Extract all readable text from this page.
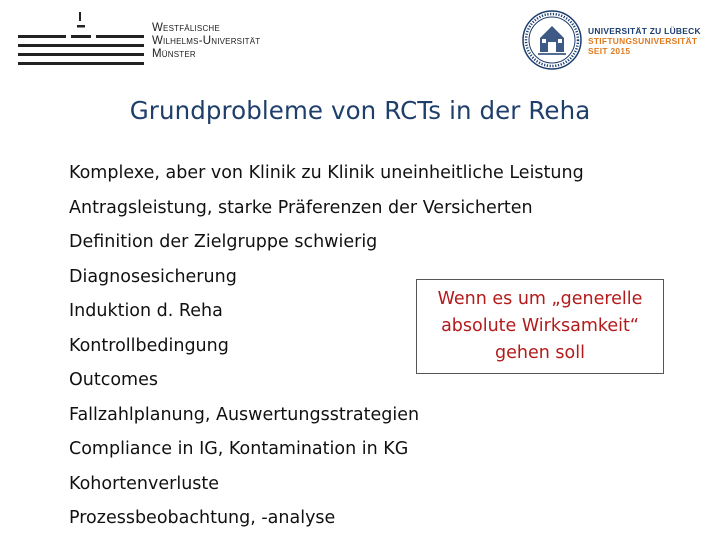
Westfälische
Wilhelms-Universität
Münster
UNIVERSITÄT ZU LÜBECK
STIFTUNGSUNIVERSITÄT
SEIT 2015
Grundprobleme von RCTs in der Reha
Komplexe, aber von Klinik zu Klinik uneinheitliche Leistung
Antragsleistung, starke Präferenzen der Versicherten
Definition der Zielgruppe schwierig
Diagnosesicherung
Induktion d. Reha
Kontrollbedingung
Outcomes
Fallzahlplanung, Auswertungsstrategien
Compliance in IG, Kontamination in KG
Kohortenverluste
Prozessbeobachtung, -analyse
Wenn es um „generelle
absolute Wirksamkeit“
gehen soll
